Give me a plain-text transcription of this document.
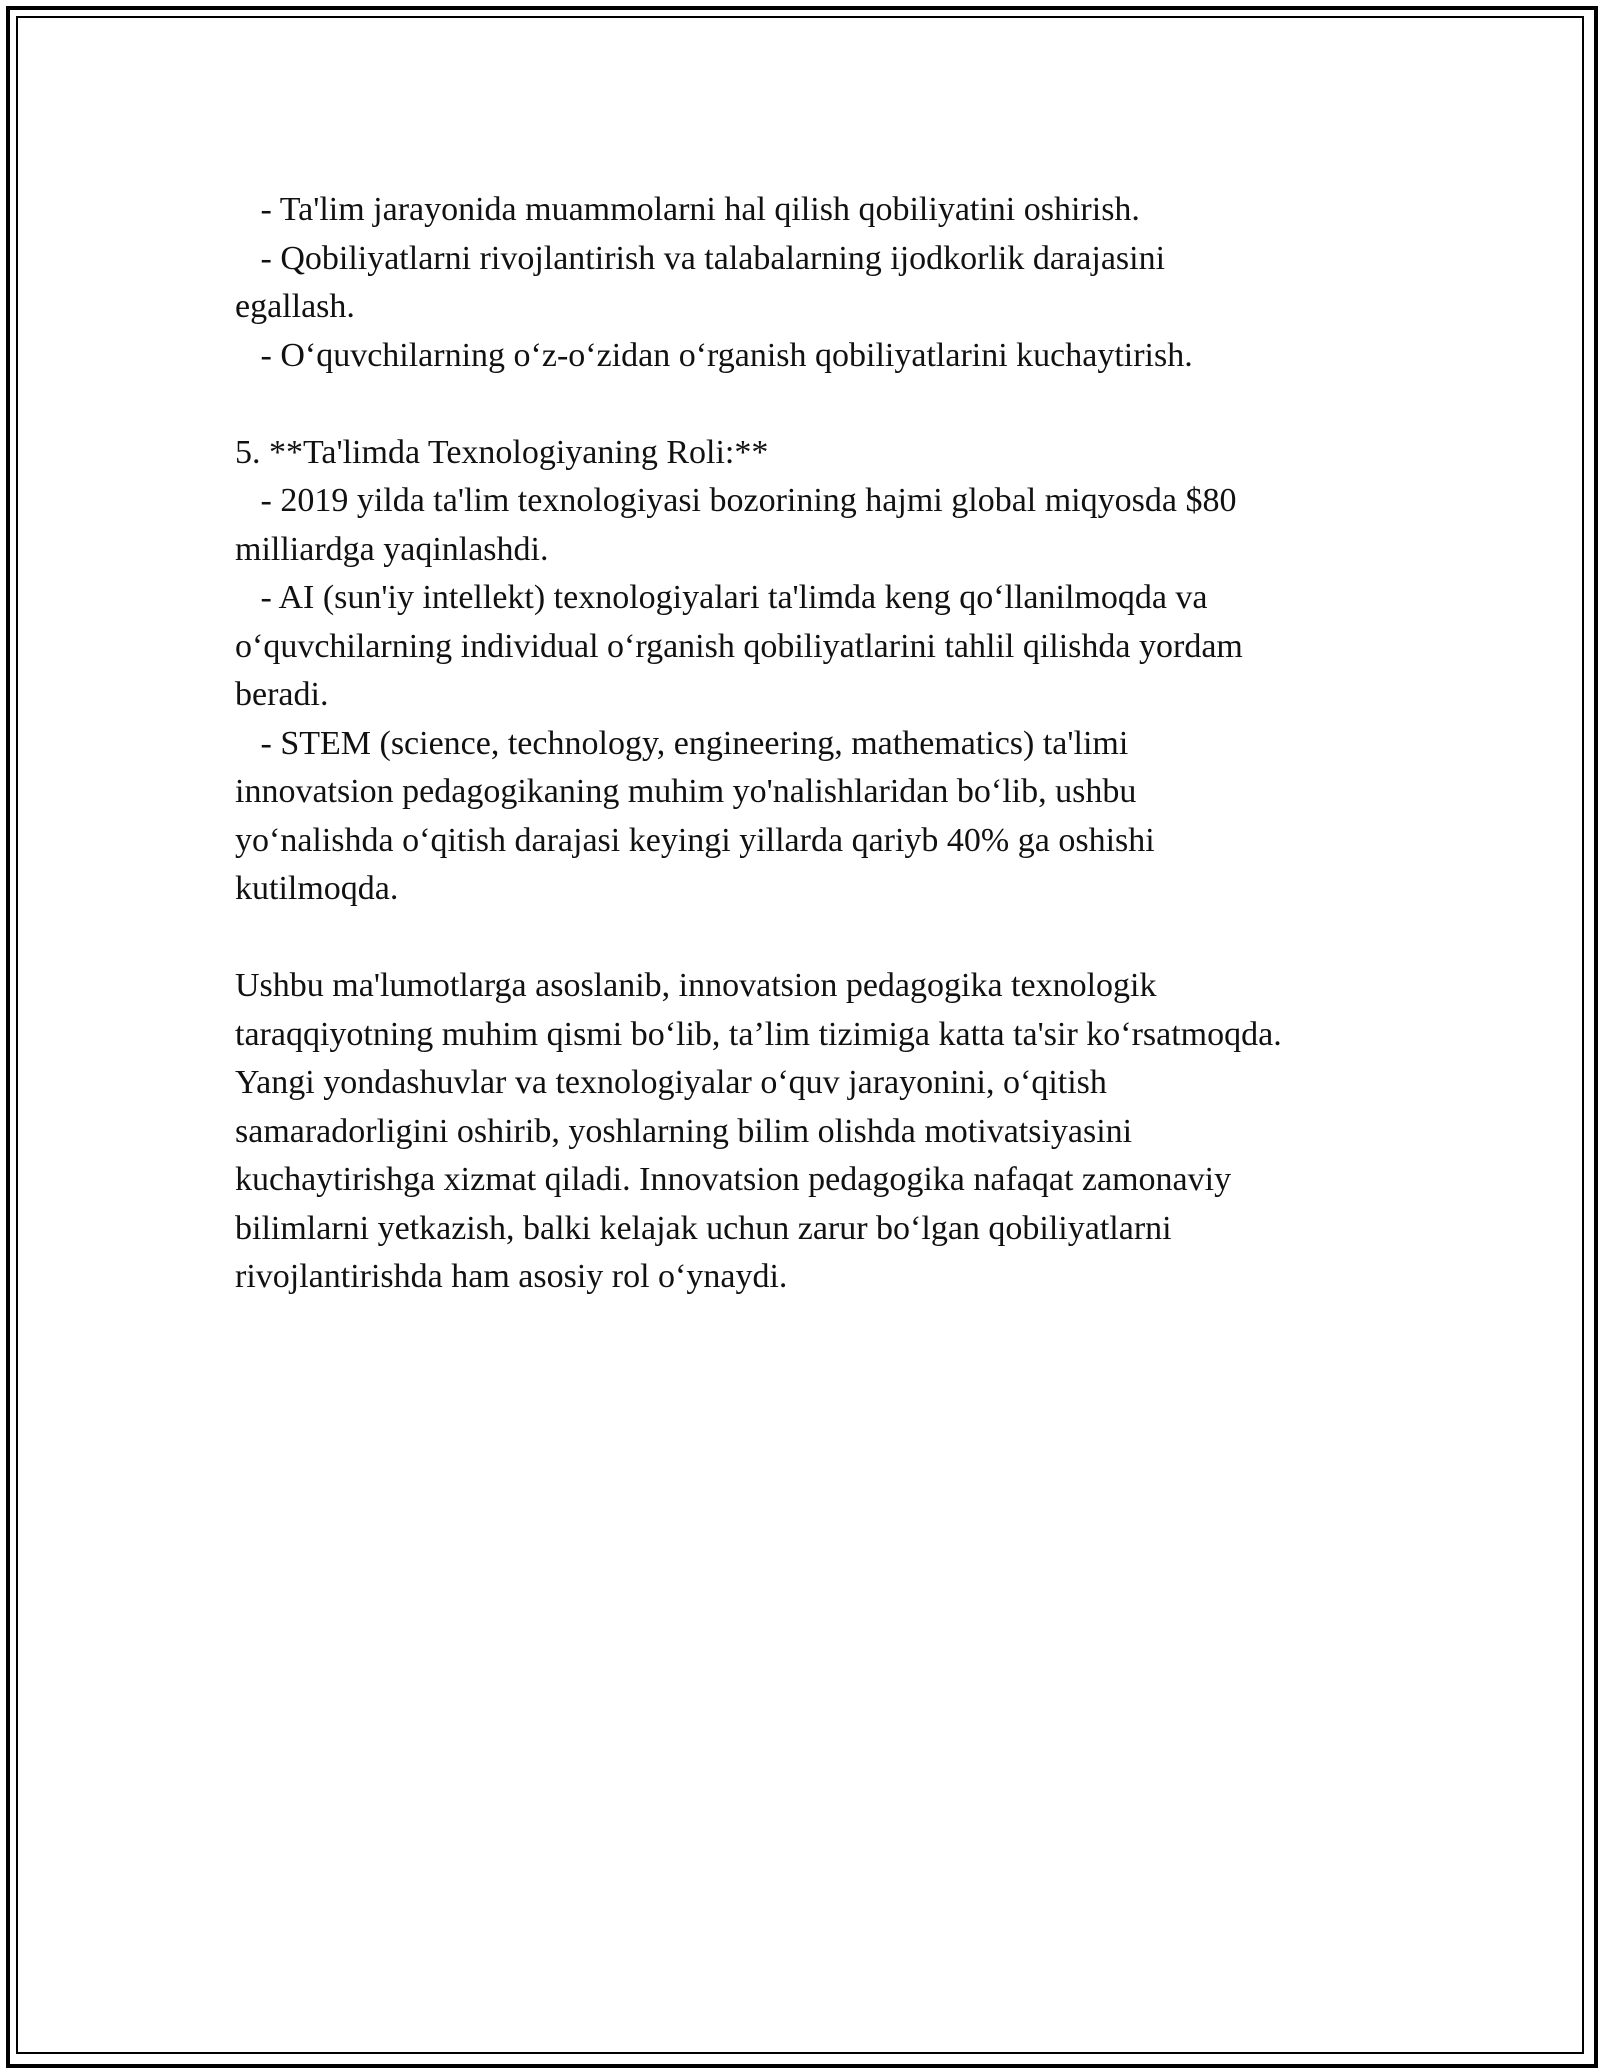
- Ta'lim jarayonida muammolarni hal qilish qobiliyatini oshirish.

- Qobiliyatlarni rivojlantirish va talabalarning ijodkorlik darajasini

egallash.

- Oʻquvchilarning oʻz-oʻzidan oʻrganish qobiliyatlarini kuchaytirish.

5. **Ta'limda Texnologiyaning Roli:**

- 2019 yilda ta'lim texnologiyasi bozorining hajmi global miqyosda $80

milliardga yaqinlashdi.

- AI (sun'iy intellekt) texnologiyalari ta'limda keng qoʻllanilmoqda va

oʻquvchilarning individual oʻrganish qobiliyatlarini tahlil qilishda yordam

beradi.

- STEM (science, technology, engineering, mathematics) ta'limi

innovatsion pedagogikaning muhim yo'nalishlaridan boʻlib, ushbu

yoʻnalishda oʻqitish darajasi keyingi yillarda qariyb 40% ga oshishi

kutilmoqda.

Ushbu ma'lumotlarga asoslanib, innovatsion pedagogika texnologik

taraqqiyotning muhim qismi boʻlib, ta’lim tizimiga katta ta'sir koʻrsatmoqda.

Yangi yondashuvlar va texnologiyalar oʻquv jarayonini, oʻqitish

samaradorligini oshirib, yoshlarning bilim olishda motivatsiyasini

kuchaytirishga xizmat qiladi. Innovatsion pedagogika nafaqat zamonaviy

bilimlarni yetkazish, balki kelajak uchun zarur boʻlgan qobiliyatlarni

rivojlantirishda ham asosiy rol oʻynaydi.
